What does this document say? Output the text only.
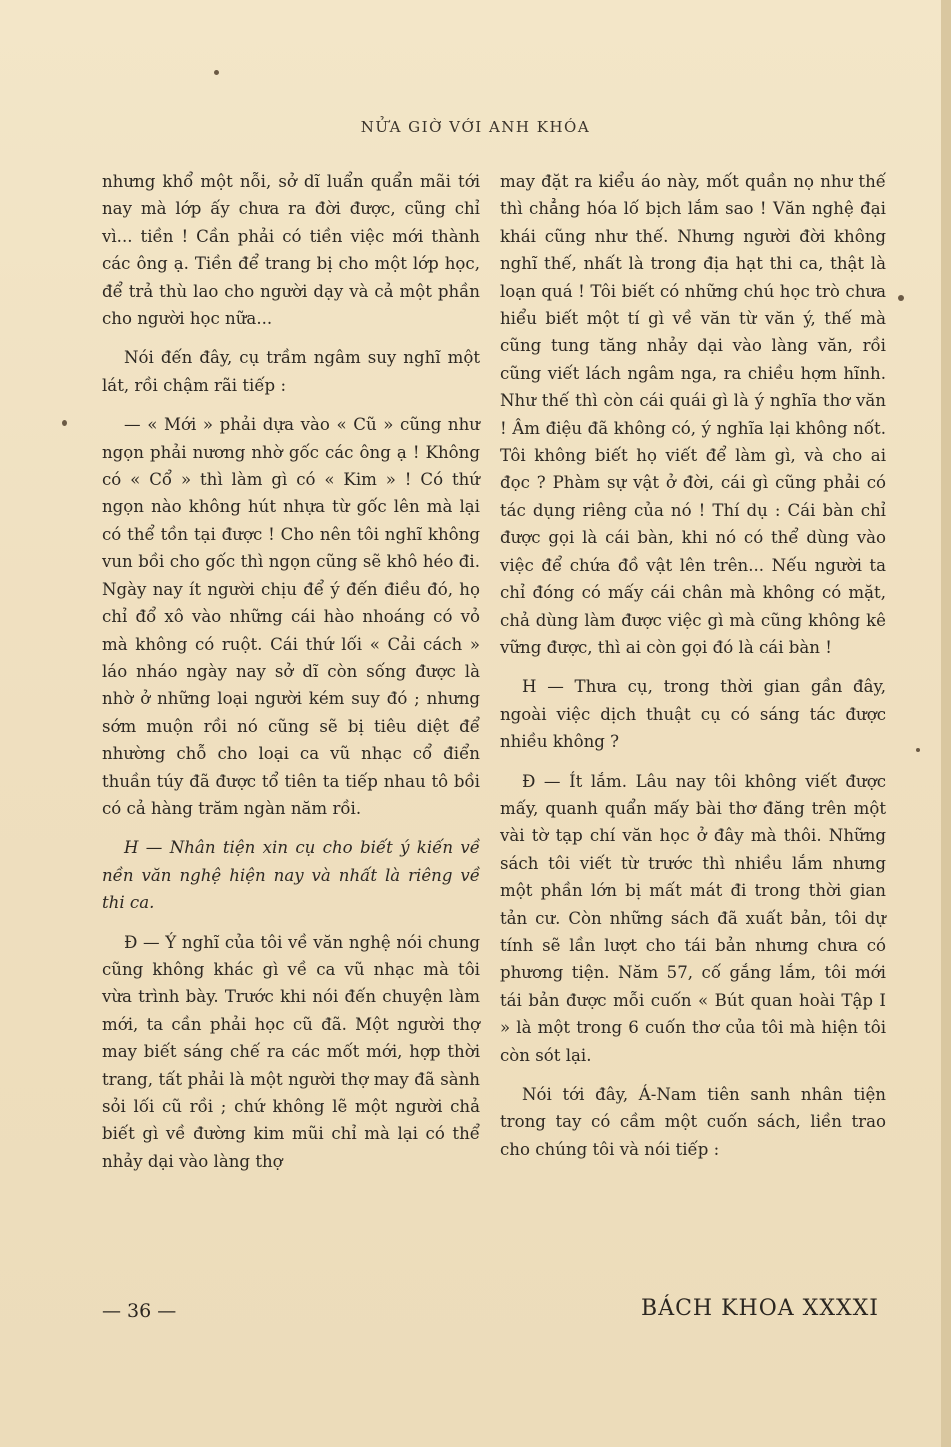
NỬA GIỜ VỚI ANH KHÓA

nhưng khổ một nỗi, sở dĩ luẩn quẩn mãi tới nay mà lớp ấy chưa ra đời được, cũng chỉ vì... tiền ! Cần phải có tiền việc mới thành các ông ạ. Tiền để trang bị cho một lớp học, để trả thù lao cho người dạy và cả một phần cho người học nữa...

Nói đến đây, cụ trầm ngâm suy nghĩ một lát, rồi chậm rãi tiếp :

— « Mới » phải dựa vào « Cũ » cũng như ngọn phải nương nhờ gốc các ông ạ ! Không có « Cổ » thì làm gì có « Kim » ! Có thứ ngọn nào không hút nhựa từ gốc lên mà lại có thể tồn tại được ! Cho nên tôi nghĩ không vun bồi cho gốc thì ngọn cũng sẽ khô héo đi. Ngày nay ít người chịu để ý đến điều đó, họ chỉ đổ xô vào những cái hào nhoáng có vỏ mà không có ruột. Cái thứ lối « Cải cách » láo nháo ngày nay sở dĩ còn sống được là nhờ ở những loại người kém suy đó ; nhưng sớm muộn rồi nó cũng sẽ bị tiêu diệt để nhường chỗ cho loại ca vũ nhạc cổ điển thuần túy đã được tổ tiên ta tiếp nhau tô bồi có cả hàng trăm ngàn năm rồi.

H — Nhân tiện xin cụ cho biết ý kiến về nền văn nghệ hiện nay và nhất là riêng về thi ca.

Đ — Ý nghĩ của tôi về văn nghệ nói chung cũng không khác gì về ca vũ nhạc mà tôi vừa trình bày. Trước khi nói đến chuyện làm mới, ta cần phải học cũ đã. Một người thợ may biết sáng chế ra các mốt mới, hợp thời trang, tất phải là một người thợ may đã sành sỏi lối cũ rồi ; chứ không lẽ một người chả biết gì về đường kim mũi chỉ mà lại có thể nhảy dại vào làng thợ

may đặt ra kiểu áo này, mốt quần nọ như thế thì chẳng hóa lố bịch lắm sao ! Văn nghệ đại khái cũng như thế. Nhưng người đời không nghĩ thế, nhất là trong địa hạt thi ca, thật là loạn quá ! Tôi biết có những chú học trò chưa hiểu biết một tí gì về văn từ văn ý, thế mà cũng tung tăng nhảy dại vào làng văn, rồi cũng viết lách ngâm nga, ra chiều hợm hĩnh. Như thế thì còn cái quái gì là ý nghĩa thơ văn ! Âm điệu đã không có, ý nghĩa lại không nốt. Tôi không biết họ viết để làm gì, và cho ai đọc ? Phàm sự vật ở đời, cái gì cũng phải có tác dụng riêng của nó ! Thí dụ : Cái bàn chỉ được gọi là cái bàn, khi nó có thể dùng vào việc để chứa đồ vật lên trên... Nếu người ta chỉ đóng có mấy cái chân mà không có mặt, chả dùng làm được việc gì mà cũng không kê vững được, thì ai còn gọi đó là cái bàn !

H — Thưa cụ, trong thời gian gần đây, ngoài việc dịch thuật cụ có sáng tác được nhiều không ?

Đ — Ít lắm. Lâu nay tôi không viết được mấy, quanh quẩn mấy bài thơ đăng trên một vài tờ tạp chí văn học ở đây mà thôi. Những sách tôi viết từ trước thì nhiều lắm nhưng một phần lớn bị mất mát đi trong thời gian tản cư. Còn những sách đã xuất bản, tôi dự tính sẽ lần lượt cho tái bản nhưng chưa có phương tiện. Năm 57, cố gắng lắm, tôi mới tái bản được mỗi cuốn « Bút quan hoài Tập I » là một trong 6 cuốn thơ của tôi mà hiện tôi còn sót lại.

Nói tới đây, Á-Nam tiên sanh nhân tiện trong tay có cầm một cuốn sách, liền trao cho chúng tôi và nói tiếp :

— 36 —	BÁCH KHOA XXXXI
